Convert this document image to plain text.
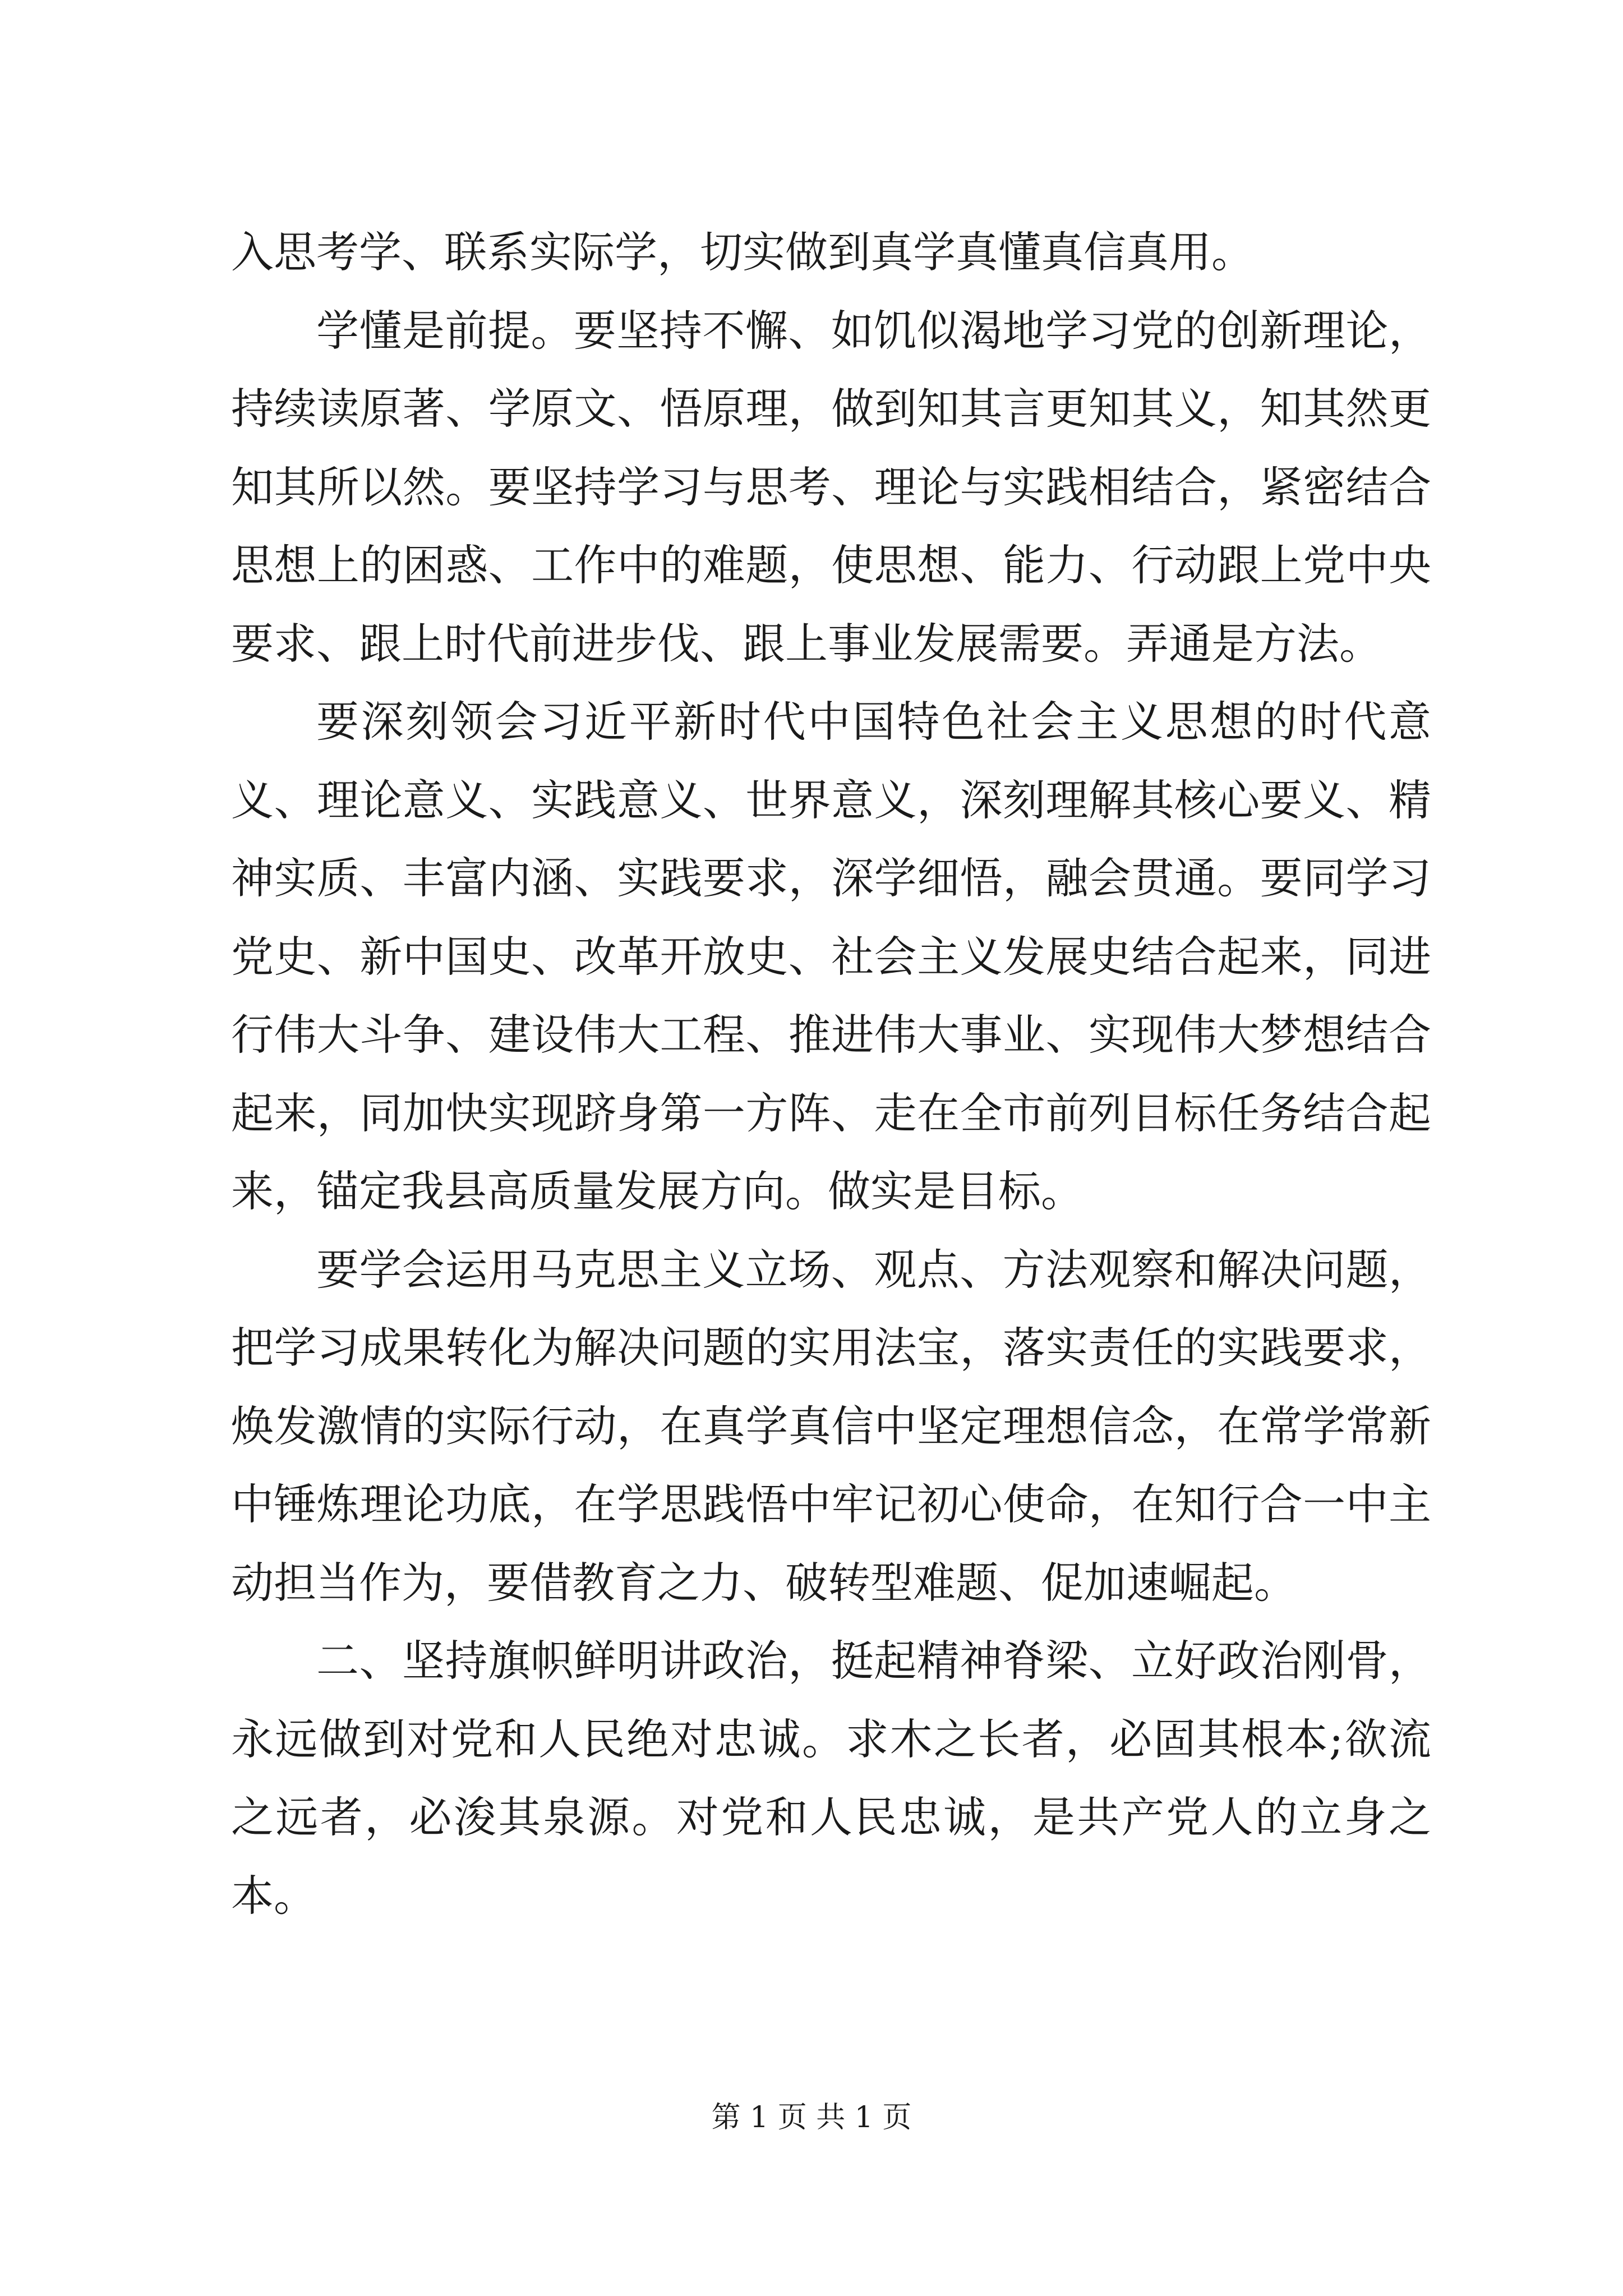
入思考学、联系实际学，切实做到真学真懂真信真用。

学懂是前提。要坚持不懈、如饥似渴地学习党的创新理论，持续读原著、学原文、悟原理，做到知其言更知其义，知其然更知其所以然。要坚持学习与思考、理论与实践相结合，紧密结合思想上的困惑、工作中的难题，使思想、能力、行动跟上党中央要求、跟上时代前进步伐、跟上事业发展需要。弄通是方法。

要深刻领会习近平新时代中国特色社会主义思想的时代意义、理论意义、实践意义、世界意义，深刻理解其核心要义、精神实质、丰富内涵、实践要求，深学细悟，融会贯通。要同学习党史、新中国史、改革开放史、社会主义发展史结合起来，同进行伟大斗争、建设伟大工程、推进伟大事业、实现伟大梦想结合起来，同加快实现跻身第一方阵、走在全市前列目标任务结合起来，锚定我县高质量发展方向。做实是目标。

要学会运用马克思主义立场、观点、方法观察和解决问题，把学习成果转化为解决问题的实用法宝，落实责任的实践要求，焕发激情的实际行动，在真学真信中坚定理想信念，在常学常新中锤炼理论功底，在学思践悟中牢记初心使命，在知行合一中主动担当作为，要借教育之力、破转型难题、促加速崛起。

二、坚持旗帜鲜明讲政治，挺起精神脊梁、立好政治刚骨，永远做到对党和人民绝对忠诚。求木之长者，必固其根本;欲流之远者，必浚其泉源。对党和人民忠诚，是共产党人的立身之本。

第 1 页 共 1 页
